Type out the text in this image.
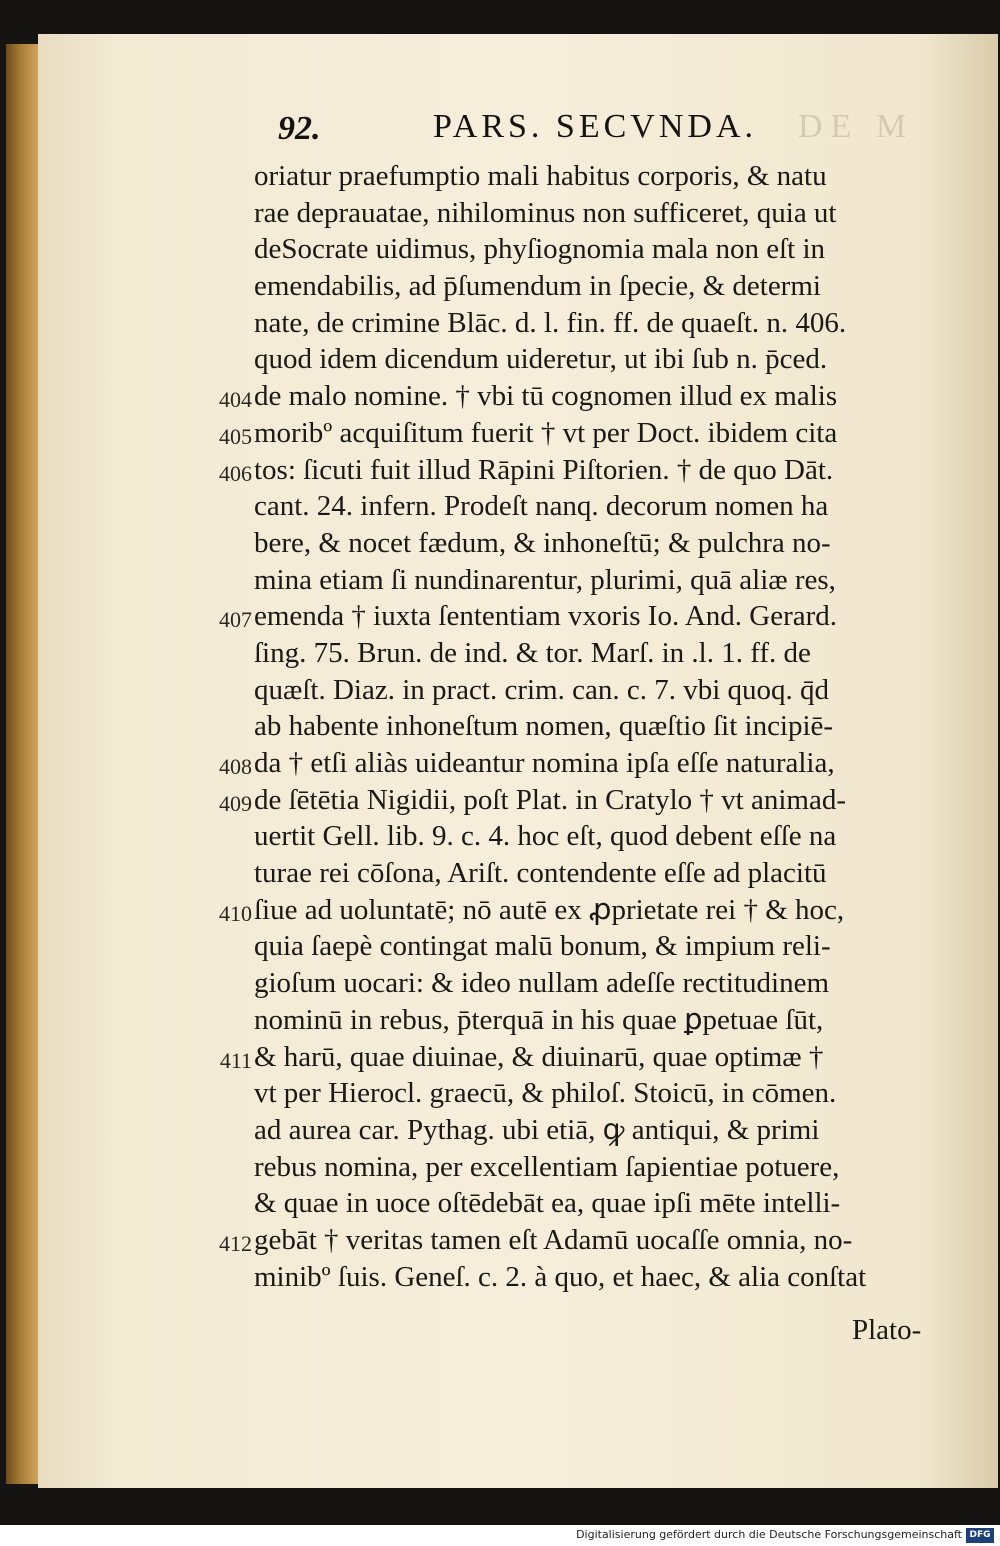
92.	PARS. SECVNDA. DE M
oriatur praefumptio mali habitus corporis, & natu
rae deprauatae, nihilominus non sufficeret, quia ut
deSocrate uidimus, phyſiognomia mala non eſt in
emendabilis, ad p̄ſumendum in ſpecie, & determi
nate, de crimine Blāc. d. l. fin. ff. de quaeſt. n. 406.
quod idem dicendum uideretur, ut ibi ſub n. p̄ced.
404 de malo nomine. † vbi tū cognomen illud ex malis
405 moribº acquiſitum fuerit † vt per Doct. ibidem cita
406 tos: ſicuti fuit illud Rāpini Piſtorien. † de quo Dāt.
cant. 24. infern. Prodeſt nanq. decorum nomen ha
bere, & nocet fædum, & inhoneſtū; & pulchra no-
mina etiam ſi nundinarentur, plurimi, quā aliæ res,
407 emenda † iuxta ſententiam vxoris Io. And. Gerard.
ſing. 75. Brun. de ind. & tor. Marſ. in .l. 1. ff. de
quæſt. Diaz. in pract. crim. can. c. 7. vbi quoq. q̄d
ab habente inhoneſtum nomen, quæſtio ſit incipiē-
408 da † etſi aliàs uideantur nomina ipſa eſſe naturalia,
409 de ſētētia Nigidii, poſt Plat. in Cratylo † vt animad-
uertit Gell. lib. 9. c. 4. hoc eſt, quod debent eſſe na
turae rei cōſona, Ariſt. contendente eſſe ad placitū
410 ſiue ad uoluntatē; nō autē ex ꝓprietate rei † & hoc,
quia ſaepè contingat malū bonum, & impium reli-
gioſum uocari: & ideo nullam adeſſe rectitudinem
nominū in rebus, p̄terquā in his quae ꝑpetuae ſūt,
411 & harū, quae diuinae, & diuinarū, quae optimæ †
vt per Hierocl. graecū, & philoſ. Stoicū, in cōmen.
ad aurea car. Pythag. ubi etiā, ꝙ antiqui, & primi
rebus nomina, per excellentiam ſapientiae potuere,
& quae in uoce oſtēdebāt ea, quae ipſi mēte intelli-
412 gebāt † veritas tamen eſt Adamū uocaſſe omnia, no-
minibº ſuis. Geneſ. c. 2. à quo, et haec, & alia conſtat
Plato-
Digitalisierung gefördert durch die Deutsche Forschungsgemeinschaft DFG
